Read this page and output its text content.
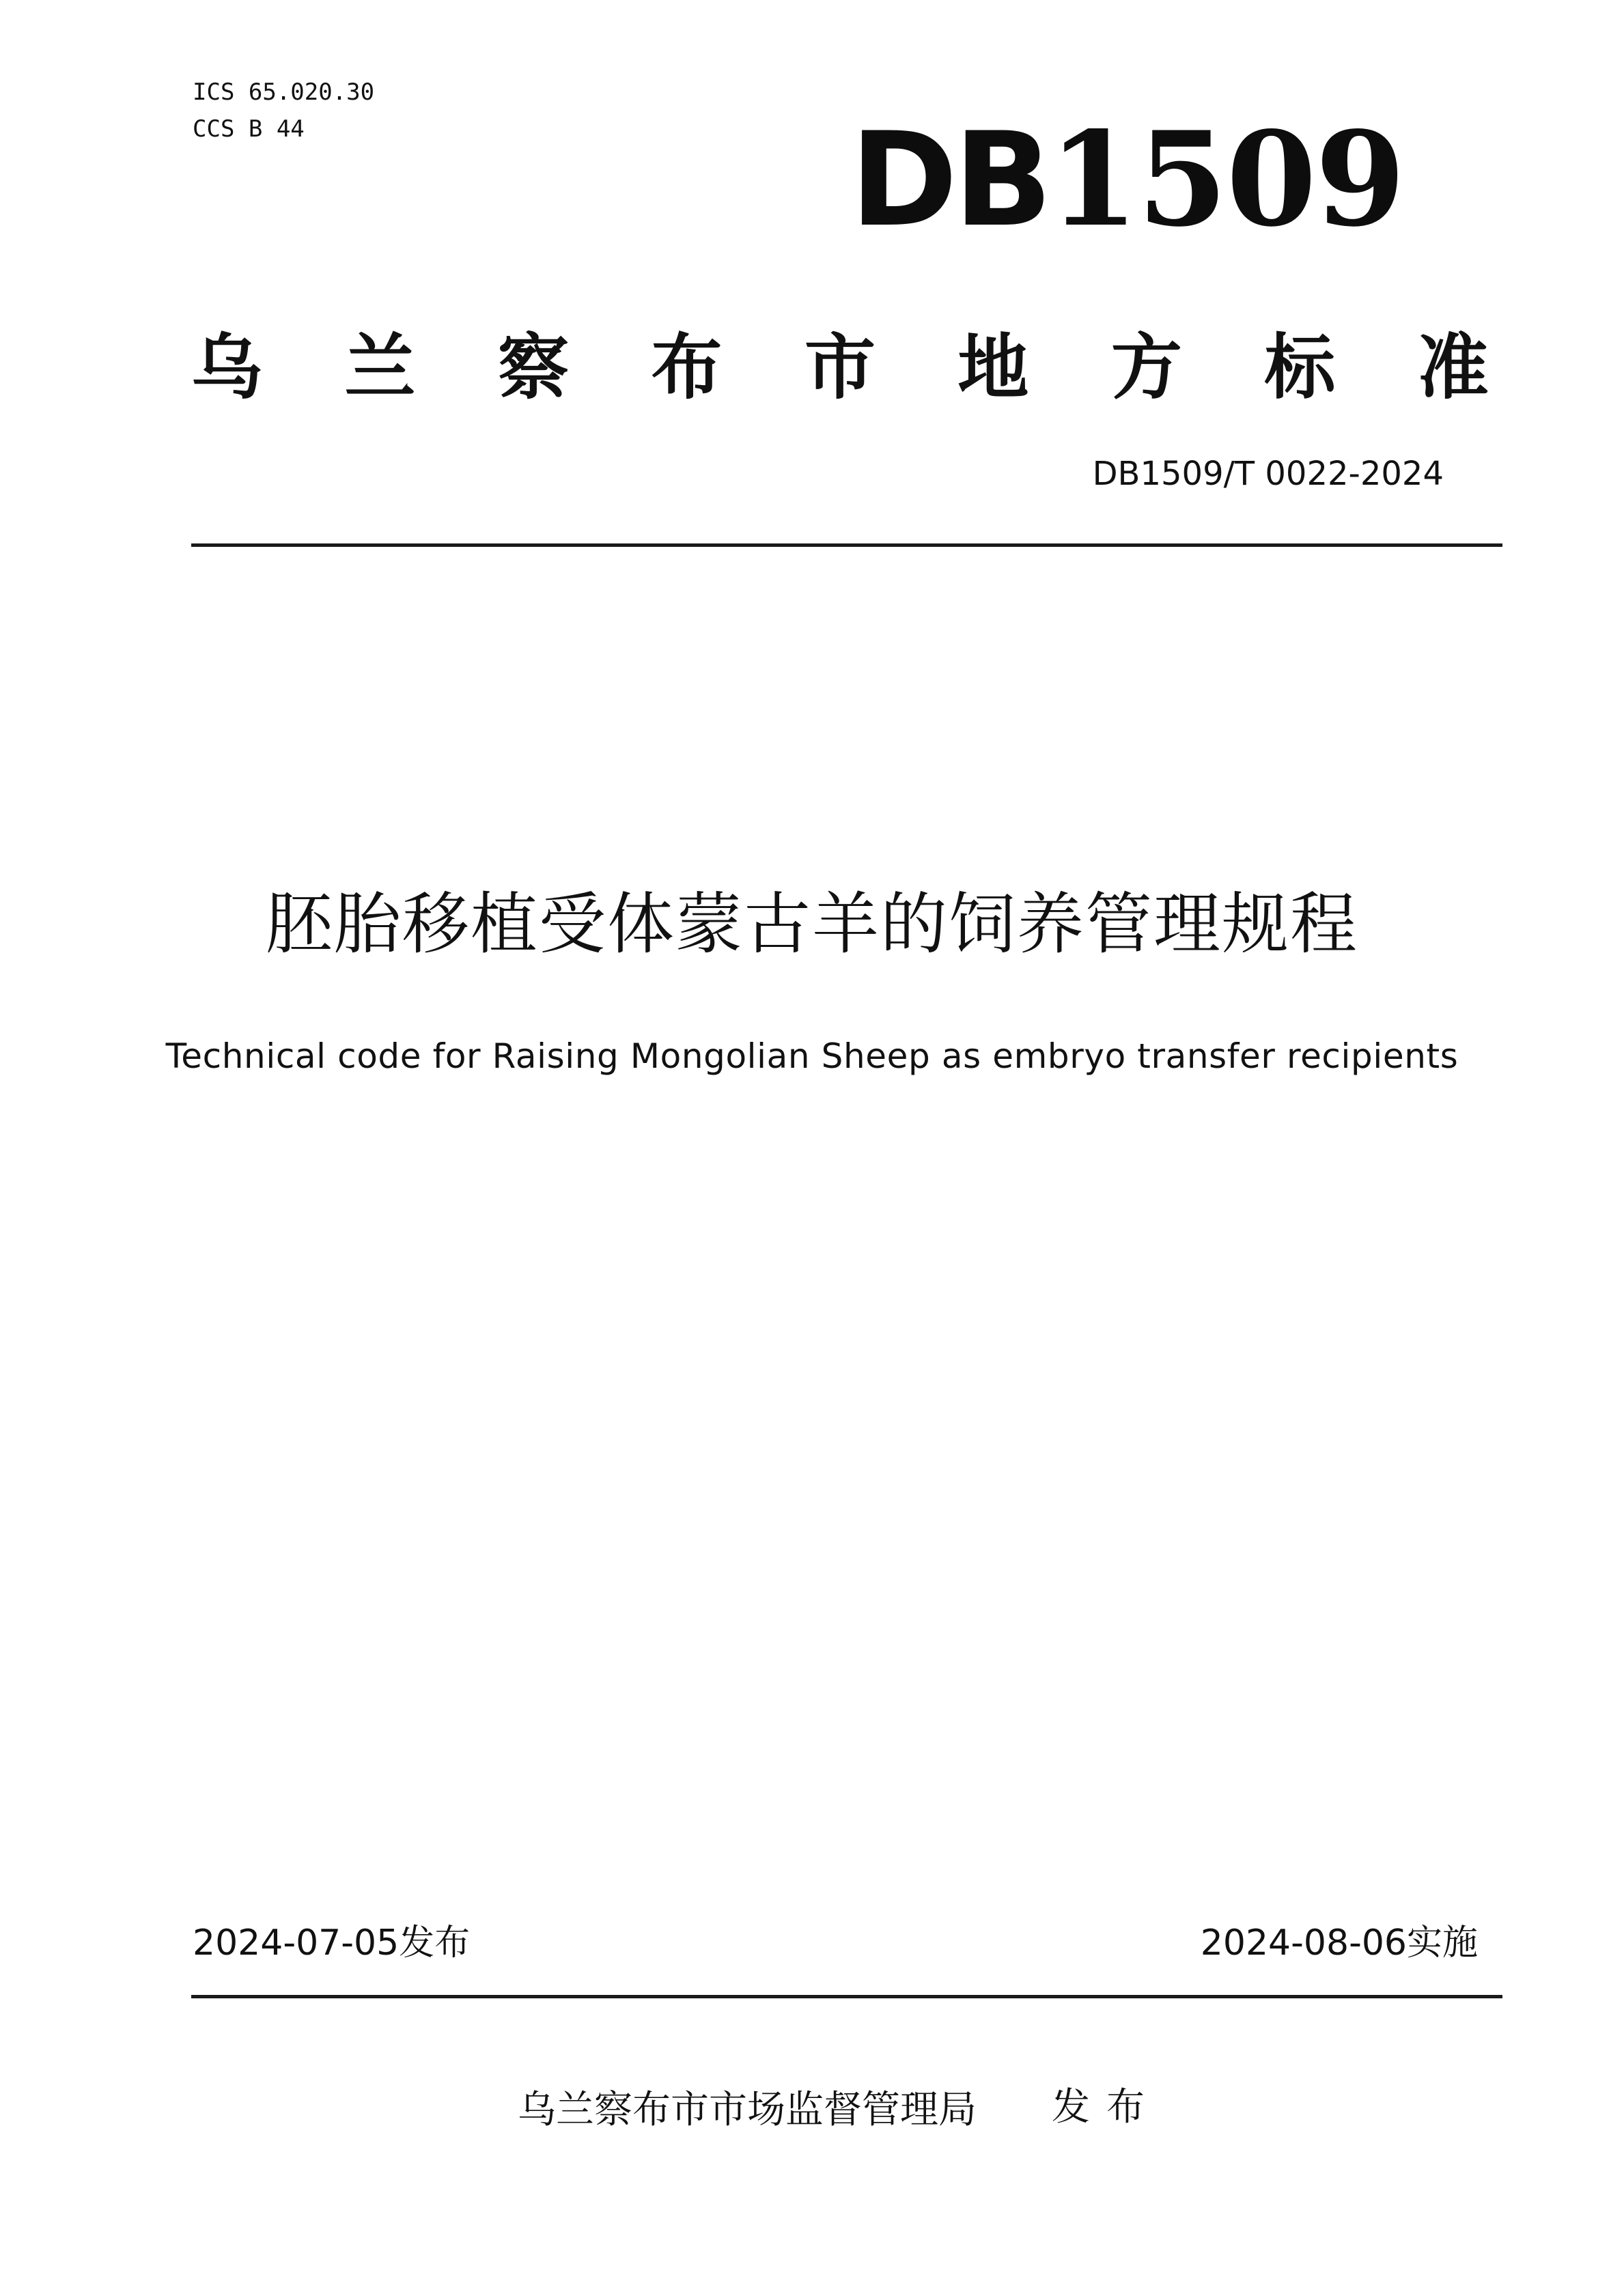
ICS 65.020.30
CCS B 44	DB1509
乌 兰 察 布 市 地 方 标 准
DB1509/T 0022-2024
胚胎移植受体蒙古羊的饲养管理规程
Technical code for Raising Mongolian Sheep as embryo transfer recipients
2024-07-05发布	2024-08-06实施
乌兰察布市市场监督管理局 发布
